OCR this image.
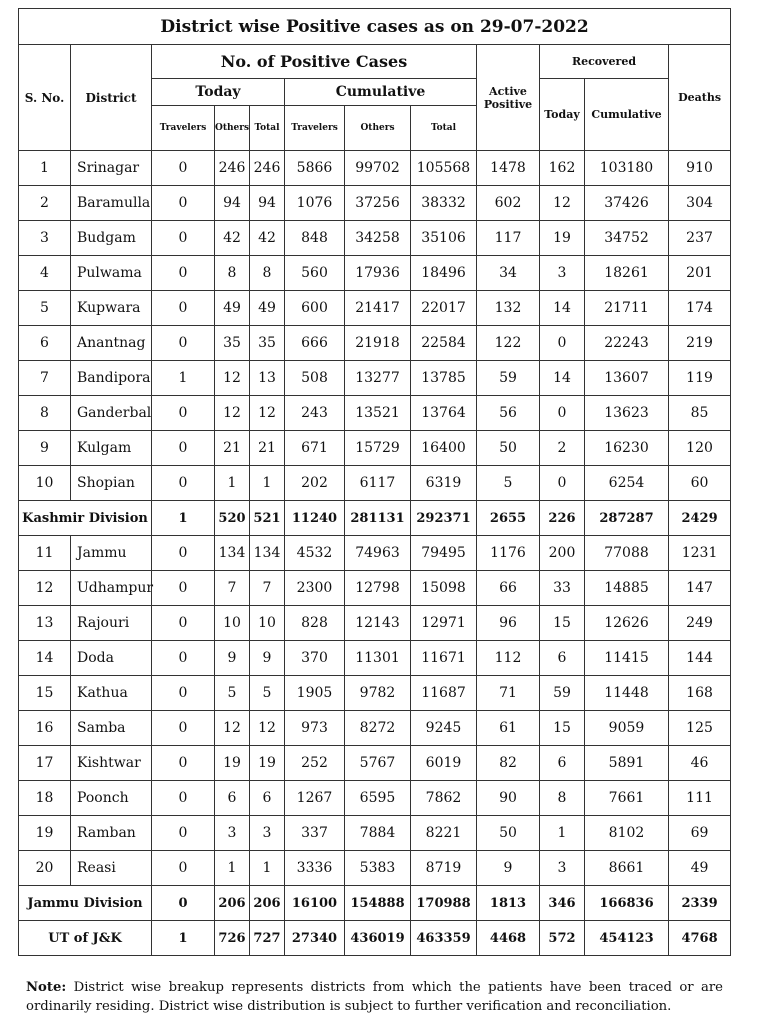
District wise Positive cases as on 29-07-2022											
S. No.	District	No. of Positive Cases						Active Positive	Recovered		Deaths
		Today			Cumulative				Today	Cumulative	
		Travelers	Others	Total	Travelers	Others	Total				
1	Srinagar	0	246	246	5866	99702	105568	1478	162	103180	910
2	Baramulla	0	94	94	1076	37256	38332	602	12	37426	304
3	Budgam	0	42	42	848	34258	35106	117	19	34752	237
4	Pulwama	0	8	8	560	17936	18496	34	3	18261	201
5	Kupwara	0	49	49	600	21417	22017	132	14	21711	174
6	Anantnag	0	35	35	666	21918	22584	122	0	22243	219
7	Bandipora	1	12	13	508	13277	13785	59	14	13607	119
8	Ganderbal	0	12	12	243	13521	13764	56	0	13623	85
9	Kulgam	0	21	21	671	15729	16400	50	2	16230	120
10	Shopian	0	1	1	202	6117	6319	5	0	6254	60
Kashmir Division		1	520	521	11240	281131	292371	2655	226	287287	2429
11	Jammu	0	134	134	4532	74963	79495	1176	200	77088	1231
12	Udhampur	0	7	7	2300	12798	15098	66	33	14885	147
13	Rajouri	0	10	10	828	12143	12971	96	15	12626	249
14	Doda	0	9	9	370	11301	11671	112	6	11415	144
15	Kathua	0	5	5	1905	9782	11687	71	59	11448	168
16	Samba	0	12	12	973	8272	9245	61	15	9059	125
17	Kishtwar	0	19	19	252	5767	6019	82	6	5891	46
18	Poonch	0	6	6	1267	6595	7862	90	8	7661	111
19	Ramban	0	3	3	337	7884	8221	50	1	8102	69
20	Reasi	0	1	1	3336	5383	8719	9	3	8661	49
Jammu Division		0	206	206	16100	154888	170988	1813	346	166836	2339
UT of J&K		1	726	727	27340	436019	463359	4468	572	454123	4768
Note: District wise breakup represents districts from which the patients have been traced or are ordinarily residing. District wise distribution is subject to further verification and reconciliation.
